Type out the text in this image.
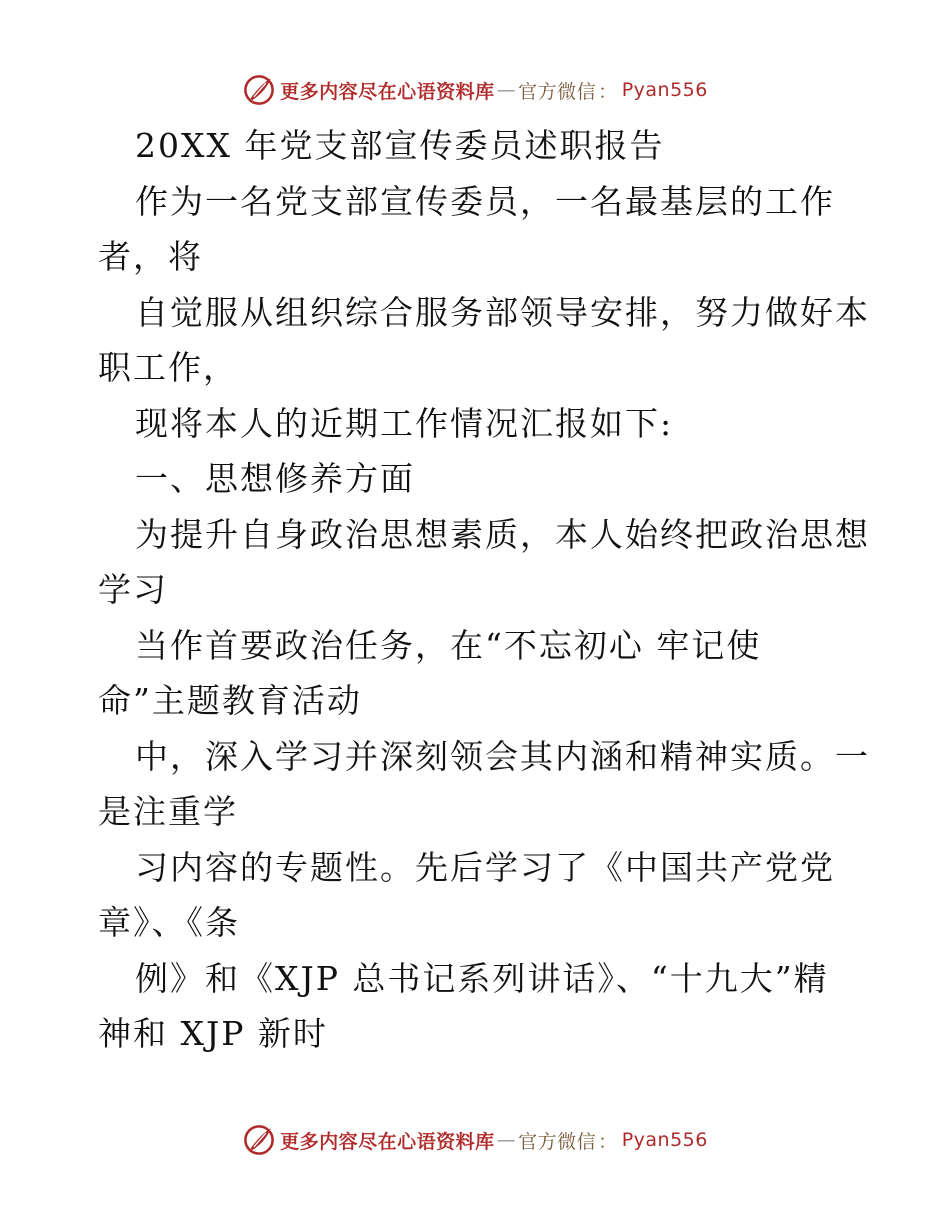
更多内容尽在心语资料库 — 官方微信 ： Pyan556
20XX 年党支部宣传委员述职报告
作为一名党支部宣传委员，一名最基层的工作
者，将
自觉服从组织综合服务部领导安排，努力做好本
职工作，
现将本人的近期工作情况汇报如下:
一、思想修养方面
为提升自身政治思想素质，本人始终把政治思想
学习
当作首要政治任务，在“不忘初心 牢记使
命”主题教育活动
中，深入学习并深刻领会其内涵和精神实质。一
是注重学
习内容的专题性。先后学习了《中国共产党党
章》、《条
例》和《XJP 总书记系列讲话》、“十九大”精
神和 XJP 新时
更多内容尽在心语资料库 — 官方微信 ： Pyan556
